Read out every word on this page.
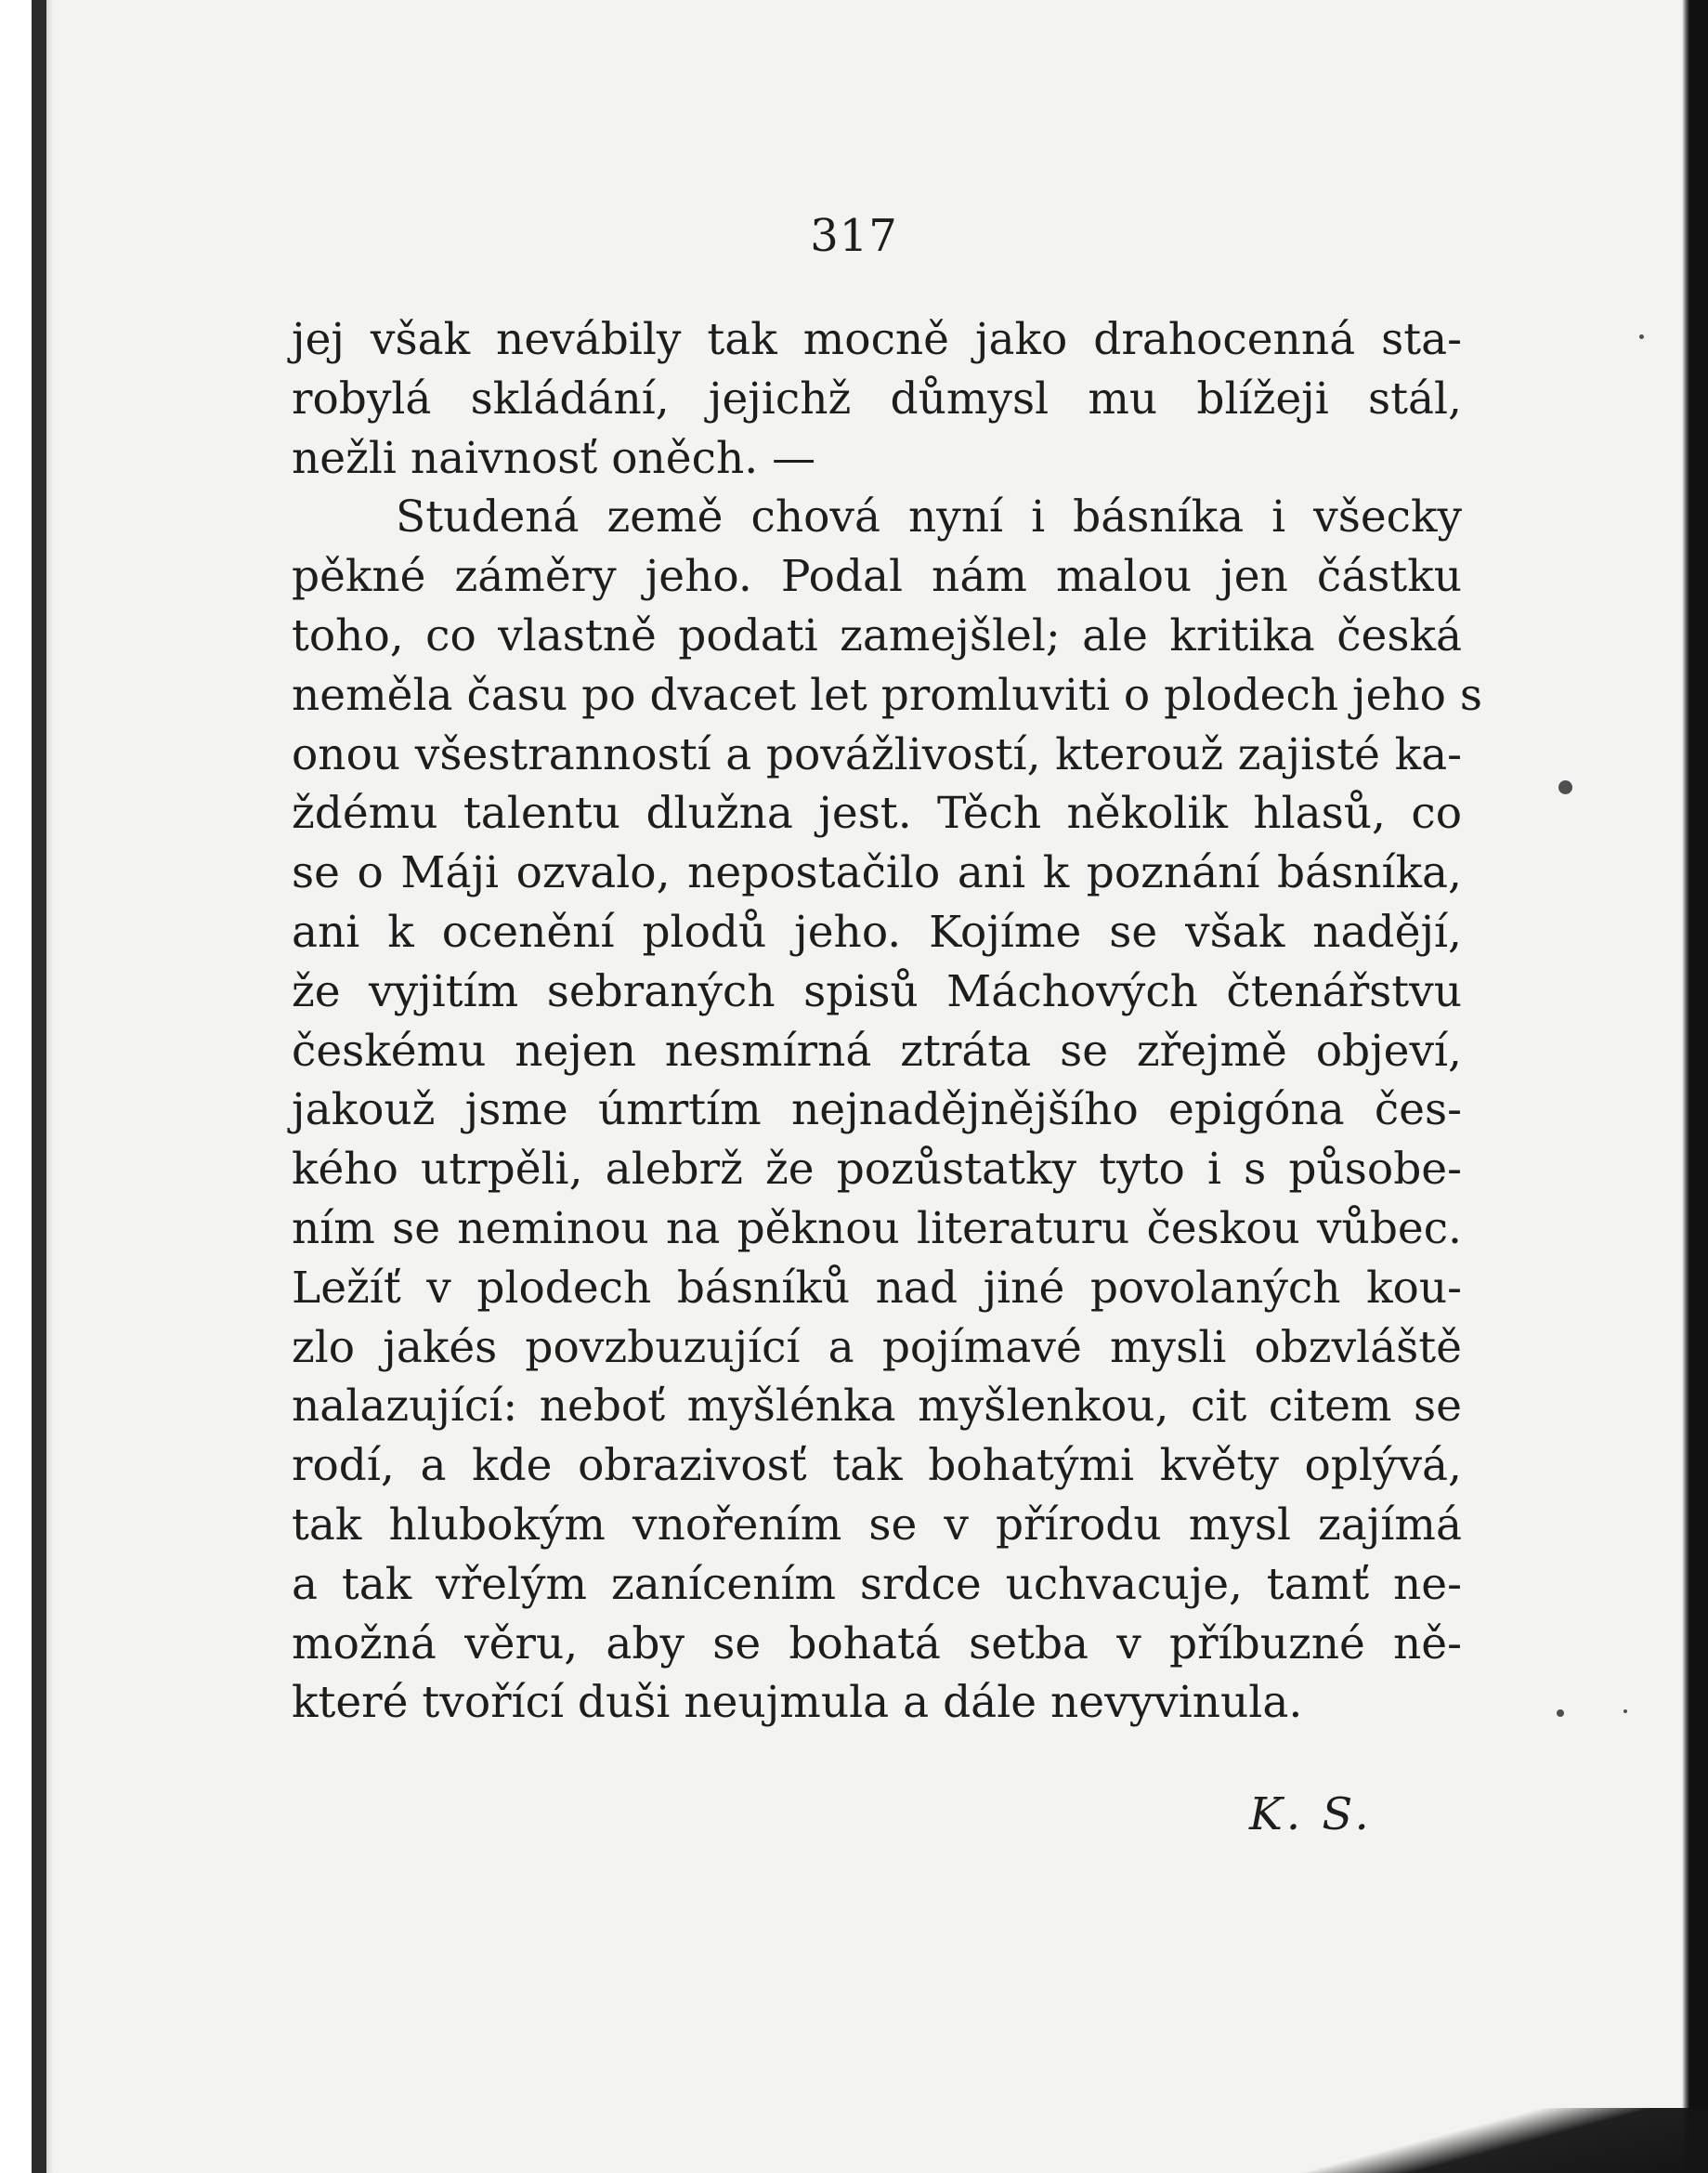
317
jej však nevábily tak mocně jako drahocenná sta-
robylá skládání, jejichž důmysl mu blížeji stál,
nežli naivnosť oněch. —
Studená země chová nyní i básníka i všecky
pěkné záměry jeho. Podal nám malou jen částku
toho, co vlastně podati zamejšlel; ale kritika česká
neměla času po dvacet let promluviti o plodech jeho s
onou všestranností a povážlivostí, kterouž zajisté ka-
ždému talentu dlužna jest. Těch několik hlasů, co
se o Máji ozvalo, nepostačilo ani k poznání básníka,
ani k ocenění plodů jeho. Kojíme se však nadějí,
že vyjitím sebraných spisů Máchových čtenářstvu
českému nejen nesmírná ztráta se zřejmě objeví,
jakouž jsme úmrtím nejnadějnějšího epigóna čes-
kého utrpěli, alebrž že pozůstatky tyto i s působe-
ním se neminou na pěknou literaturu českou vůbec.
Ležíť v plodech básníků nad jiné povolaných kou-
zlo jakés povzbuzující a pojímavé mysli obzvláště
nalazující: neboť myšlénka myšlenkou, cit citem se
rodí, a kde obrazivosť tak bohatými květy oplývá,
tak hlubokým vnořením se v přírodu mysl zajímá
a tak vřelým zanícením srdce uchvacuje, tamť ne-
možná věru, aby se bohatá setba v příbuzné ně-
které tvořící duši neujmula a dále nevyvinula.
K. S.
